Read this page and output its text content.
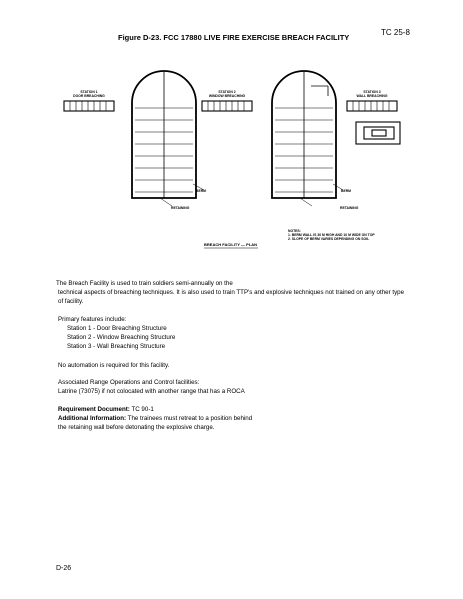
TC 25-8
Figure D-23. FCC 17880 LIVE FIRE EXERCISE BREACH FACILITY
STATION 1
DOOR BREACHING
STATION 2
WINDOW BREACHING
STATION 3
WALL BREACHING
BERM
RETAINING
BERM
RETAINING
NOTES:
1. BERM WALL IS 30 M HIGH AND 10 M WIDE ON TOP
2. SLOPE OF BERM VARIES DEPENDING ON SOIL
BREACH FACILITY — PLAN
The Breach Facility is used to train soldiers semi-annually on the
technical aspects of breaching techniques. It is also used to train TTP's and explosive techniques not trained on any other type
of facility.
Primary features include:
Station 1 - Door Breaching Structure
Station 2 - Window Breaching Structure
Station 3 - Wall Breaching Structure
No automation is required for this facility.
Associated Range Operations and Control facilities:
Latrine (73075) if not colocated with another range that has a ROCA
Requirement Document: TC 90-1
Additional Information: The trainees must retreat to a position behind
the retaining wall before detonating the explosive charge.
D-26
